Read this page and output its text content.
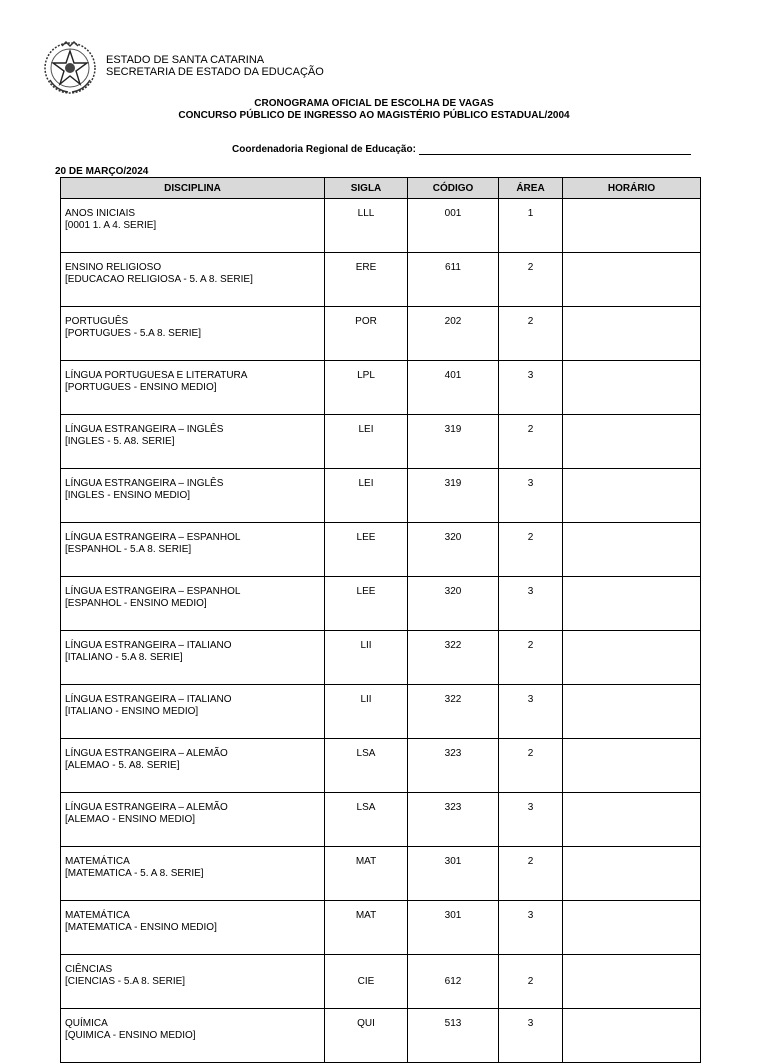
ESTADO DE SANTA CATARINA
SECRETARIA DE ESTADO DA EDUCAÇÃO
CRONOGRAMA OFICIAL DE ESCOLHA DE VAGAS
CONCURSO PÚBLICO DE INGRESSO AO MAGISTÉRIO PÚBLICO ESTADUAL/2004
Coordenadoria Regional de Educação:
20 DE MARÇO/2024
DISCIPLINA	SIGLA	CÓDIGO	ÁREA	HORÁRIO

ANOS INICIAIS
[0001 1. A 4. SERIE]	LLL	001	1	

ENSINO RELIGIOSO
[EDUCACAO RELIGIOSA - 5. A 8. SERIE]	ERE	611	2	

PORTUGUÊS
[PORTUGUES - 5.A 8. SERIE]	POR	202	2	

LÍNGUA PORTUGUESA E LITERATURA
[PORTUGUES - ENSINO MEDIO]	LPL	401	3	

LÍNGUA ESTRANGEIRA – INGLÊS
[INGLES - 5. A8. SERIE]	LEI	319	2	

LÍNGUA ESTRANGEIRA – INGLÊS
[INGLES - ENSINO MEDIO]	LEI	319	3	

LÍNGUA ESTRANGEIRA – ESPANHOL
[ESPANHOL - 5.A 8. SERIE]	LEE	320	2	

LÍNGUA ESTRANGEIRA – ESPANHOL
[ESPANHOL - ENSINO MEDIO]	LEE	320	3	

LÍNGUA ESTRANGEIRA – ITALIANO
[ITALIANO - 5.A 8. SERIE]	LII	322	2	

LÍNGUA ESTRANGEIRA – ITALIANO
[ITALIANO - ENSINO MEDIO]	LII	322	3	

LÍNGUA ESTRANGEIRA – ALEMÃO
[ALEMAO - 5. A8. SERIE]	LSA	323	2	

LÍNGUA ESTRANGEIRA – ALEMÃO
[ALEMAO - ENSINO MEDIO]	LSA	323	3	

MATEMÁTICA
[MATEMATICA - 5. A 8. SERIE]	MAT	301	2	

MATEMÁTICA
[MATEMATICA - ENSINO MEDIO]	MAT	301	3	

CIÊNCIAS
[CIENCIAS - 5.A 8. SERIE]	CIE	612	2	

QUÍMICA
[QUIMICA - ENSINO MEDIO]	QUI	513	3	
